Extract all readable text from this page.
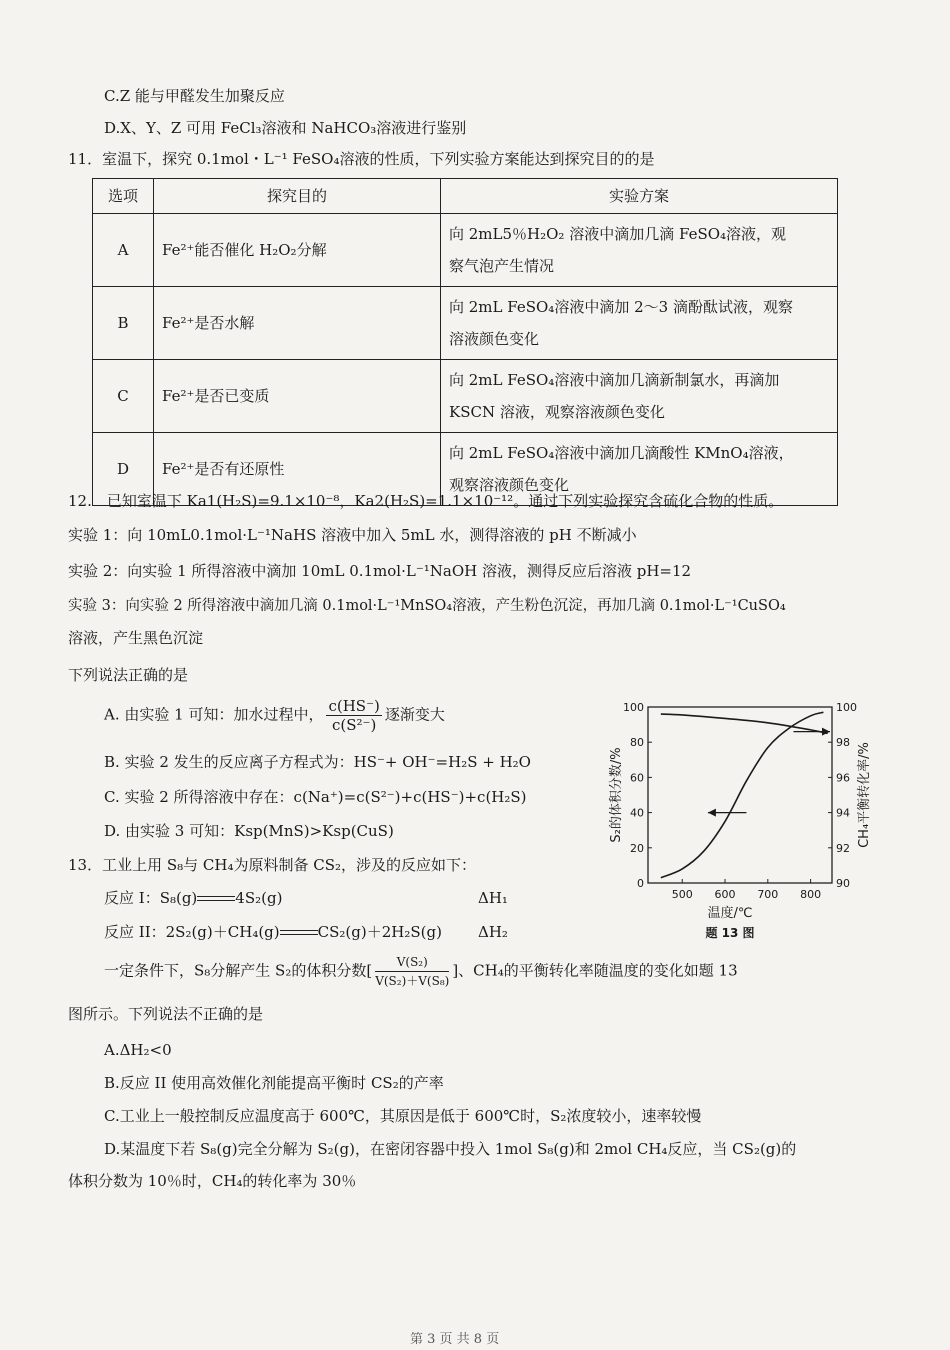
C.Z 能与甲醛发生加聚反应
D.X、Y、Z 可用 FeCl₃溶液和 NaHCO₃溶液进行鉴别
11．室温下，探究 0.1mol・L⁻¹ FeSO₄溶液的性质，下列实验方案能达到探究目的的是
选项	探究目的	实验方案
A	Fe²⁺能否催化 H₂O₂分解	向 2mL5％H₂O₂ 溶液中滴加几滴 FeSO₄溶液，观
察气泡产生情况

B	Fe²⁺是否水解	向 2mL FeSO₄溶液中滴加 2～3 滴酚酞试液，观察
溶液颜色变化

C	Fe²⁺是否已变质	向 2mL FeSO₄溶液中滴加几滴新制氯水，再滴加
KSCN 溶液，观察溶液颜色变化

D	Fe²⁺是否有还原性	向 2mL FeSO₄溶液中滴加几滴酸性 KMnO₄溶液，
观察溶液颜色变化
12.　已知室温下 Ka1(H₂S)=9.1×10⁻⁸，Ka2(H₂S)=1.1×10⁻¹²。通过下列实验探究含硫化合物的性质。
实验 1：向 10mL0.1mol·L⁻¹NaHS 溶液中加入 5mL 水，测得溶液的 pH 不断减小
实验 2：向实验 1 所得溶液中滴加 10mL 0.1mol·L⁻¹NaOH 溶液，测得反应后溶液 pH=12
实验 3：向实验 2 所得溶液中滴加几滴 0.1mol·L⁻¹MnSO₄溶液，产生粉色沉淀，再加几滴 0.1mol·L⁻¹CuSO₄
溶液，产生黑色沉淀
下列说法正确的是
A. 由实验 1 可知：加水过程中， $\frac{c(HS^-)}{\text{c(S²⁻)}}$ 逐渐变大
B. 实验 2 发生的反应离子方程式为：HS⁻+ OH⁻=H₂S + H₂O
C. 实验 2 所得溶液中存在：c(Na⁺)=c(S²⁻)+c(HS⁻)+c(H₂S)
D. 由实验 3 可知：Ksp(MnS)>Ksp(CuS)
13．工业上用 S₈与 CH₄为原料制备 CS₂，涉及的反应如下：
反应 I：S₈(g)	4S₂(g)	ΔH₁
反应 II：2S₂(g)＋CH₄(g)	CS₂(g)＋2H₂S(g) ΔH₂
一定条件下，S₈分解产生 S₂的体积分数[ $\frac{\text{V(S₂)}}{\text{V(S₂)＋V(S₈)}}$ ]、CH₄的平衡转化率随温度的变化如题 13
图所示。下列说法不正确的是
A.ΔH₂<0
B.反应 II 使用高效催化剂能提高平衡时 CS₂的产率
C.工业上一般控制反应温度高于 600℃，其原因是低于 600℃时，S₂浓度较小，速率较慢
D.某温度下若 S₈(g)完全分解为 S₂(g)，在密闭容器中投入 1mol S₈(g)和 2mol CH₄反应，当 CS₂(g)的
体积分数为 10％时，CH₄的转化率为 30％
第 3 页 共 8 页
500 600 700 800
0
20
40
60
80
100
90
92
94
96
98
100
温度/℃
题 13 图
S₂的体积分数/%	CH₄平衡转化率/%
